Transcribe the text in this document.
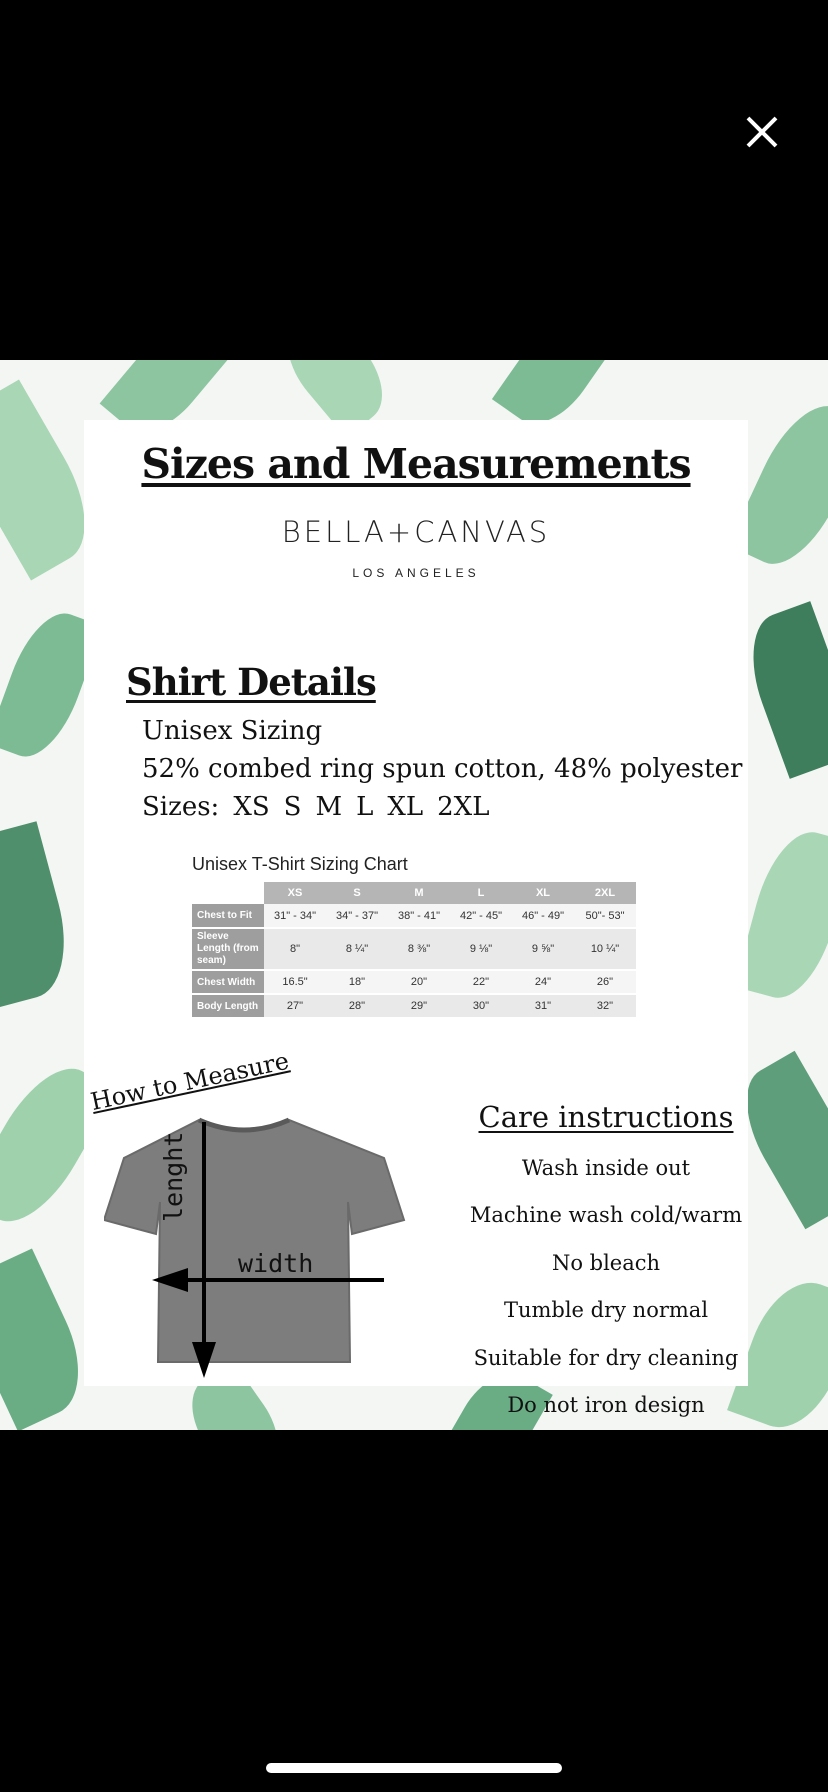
Sizes and Measurements
BELLA+CANVAS
LOS ANGELES
Shirt Details
Unisex Sizing
52% combed ring spun cotton, 48% polyester
Sizes: XS S M L XL 2XL
Unisex T-Shirt Sizing Chart
	XS	S	M	L	XL	2XL
Chest to Fit	31" - 34"	34" - 37"	38" - 41"	42" - 45"	46" - 49"	50"- 53"
Sleeve Length (from seam)	8"	8 ¼"	8 ⅜"	9 ⅛"	9 ⅝"	10 ¼"
Chest Width	16.5"	18"	20"	22"	24"	26"
Body Length	27"	28"	29"	30"	31"	32"
How to Measure
lenght
width
Care instructions
Wash inside out
Machine wash cold/warm
No bleach
Tumble dry normal
Suitable for dry cleaning
Do not iron design
